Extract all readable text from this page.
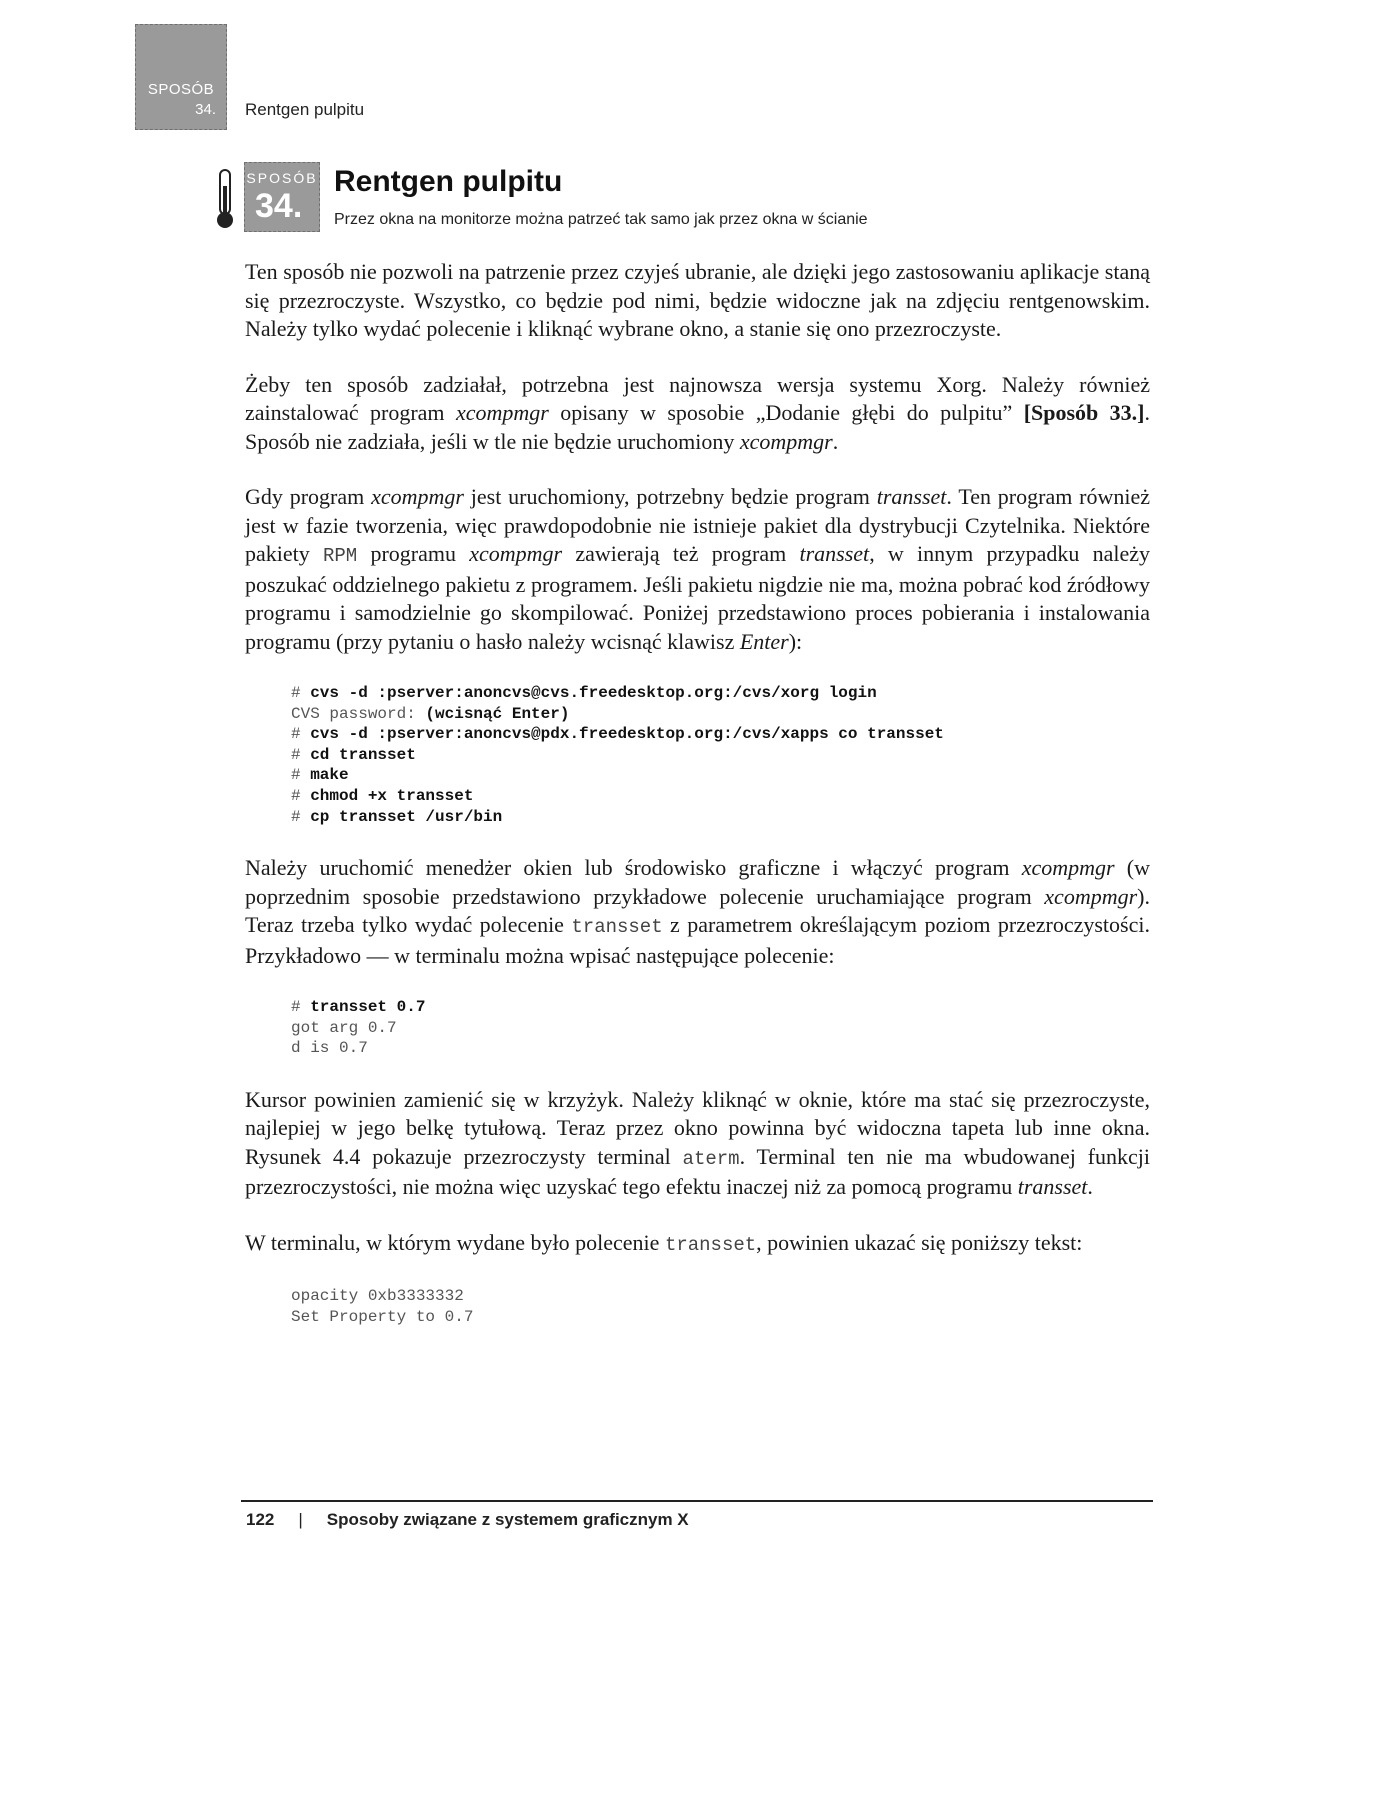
SPOSÓB
34. Rentgen pulpitu
SPOSÓB
34.
Rentgen pulpitu
Przez okna na monitorze można patrzeć tak samo jak przez okna w ścianie

Ten sposób nie pozwoli na patrzenie przez czyjeś ubranie, ale dzięki jego zastosowaniu aplikacje staną się przezroczyste. Wszystko, co będzie pod nimi, będzie widoczne jak na zdjęciu rentgenowskim. Należy tylko wydać polecenie i kliknąć wybrane okno, a stanie się ono przezroczyste.

Żeby ten sposób zadziałał, potrzebna jest najnowsza wersja systemu Xorg. Należy również zainstalować program xcompmgr opisany w sposobie „Dodanie głębi do pulpitu” [Sposób 33.]. Sposób nie zadziała, jeśli w tle nie będzie uruchomiony xcompmgr.

Gdy program xcompmgr jest uruchomiony, potrzebny będzie program transset. Ten program również jest w fazie tworzenia, więc prawdopodobnie nie istnieje pakiet dla dystrybucji Czytelnika. Niektóre pakiety RPM programu xcompmgr zawierają też program transset, w innym przypadku należy poszukać oddzielnego pakietu z programem. Jeśli pakietu nigdzie nie ma, można pobrać kod źródłowy programu i samodzielnie go skompilować. Poniżej przedstawiono proces pobierania i instalowania programu (przy pytaniu o hasło należy wcisnąć klawisz Enter):

# cvs -d :pserver:anoncvs@cvs.freedesktop.org:/cvs/xorg login
CVS password: (wcisnąć Enter)
# cvs -d :pserver:anoncvs@pdx.freedesktop.org:/cvs/xapps co transset
# cd transset
# make
# chmod +x transset
# cp transset /usr/bin

Należy uruchomić menedżer okien lub środowisko graficzne i włączyć program xcompmgr (w poprzednim sposobie przedstawiono przykładowe polecenie uruchamiające program xcompmgr). Teraz trzeba tylko wydać polecenie transset z parametrem określającym poziom przezroczystości. Przykładowo — w terminalu można wpisać następujące polecenie:

# transset 0.7
got arg 0.7
d is 0.7

Kursor powinien zamienić się w krzyżyk. Należy kliknąć w oknie, które ma stać się przezroczyste, najlepiej w jego belkę tytułową. Teraz przez okno powinna być widoczna tapeta lub inne okna. Rysunek 4.4 pokazuje przezroczysty terminal aterm. Terminal ten nie ma wbudowanej funkcji przezroczystości, nie można więc uzyskać tego efektu inaczej niż za pomocą programu transset.

W terminalu, w którym wydane było polecenie transset, powinien ukazać się poniższy tekst:

opacity 0xb3333332
Set Property to 0.7
122 | Sposoby związane z systemem graficznym X
